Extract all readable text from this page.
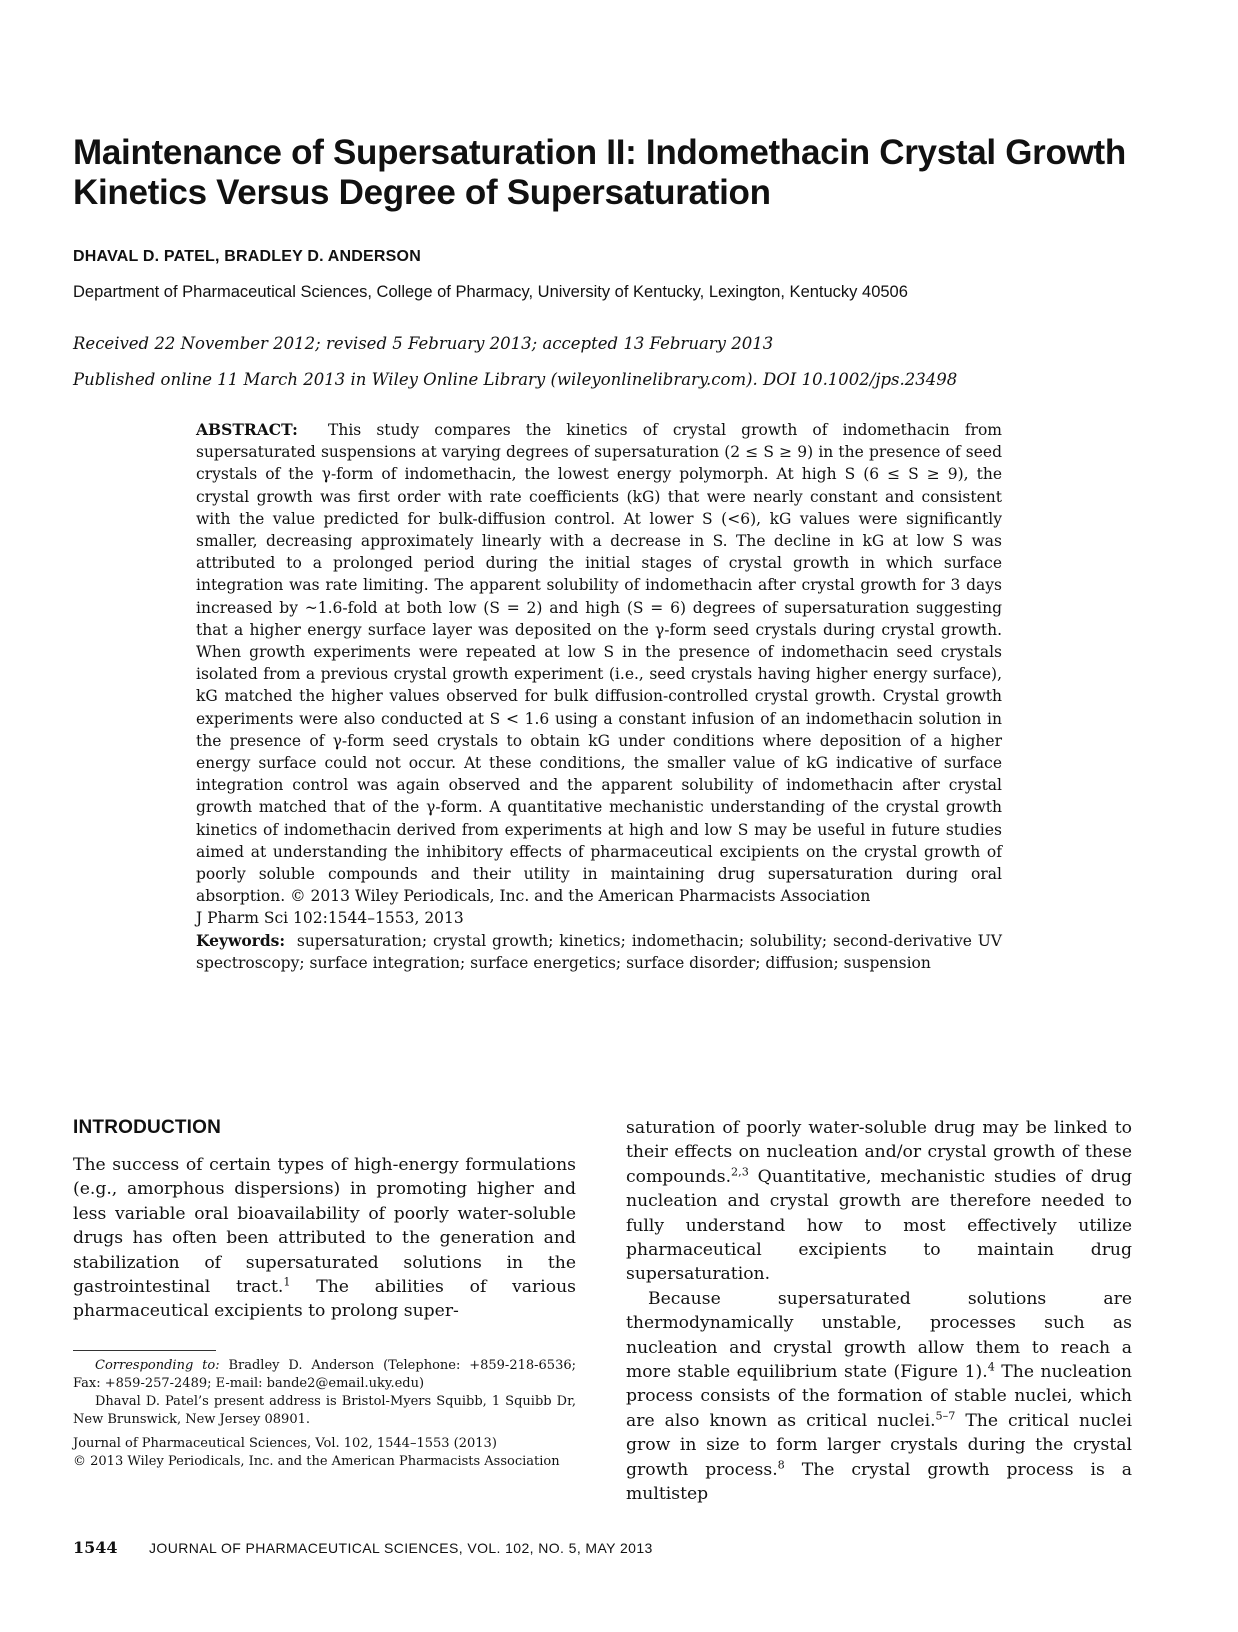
Maintenance of Supersaturation II: Indomethacin Crystal Growth
Kinetics Versus Degree of Supersaturation
DHAVAL D. PATEL, BRADLEY D. ANDERSON
Department of Pharmaceutical Sciences, College of Pharmacy, University of Kentucky, Lexington, Kentucky 40506
Received 22 November 2012; revised 5 February 2013; accepted 13 February 2013
Published online 11 March 2013 in Wiley Online Library (wileyonlinelibrary.com). DOI 10.1002/jps.23498

ABSTRACT: This study compares the kinetics of crystal growth of indomethacin from supersaturated suspensions at varying degrees of supersaturation (2 ≤ S ≥ 9) in the presence of seed crystals of the γ-form of indomethacin, the lowest energy polymorph. At high S (6 ≤ S ≥ 9), the crystal growth was first order with rate coefficients (kG) that were nearly constant and consistent with the value predicted for bulk-diffusion control. At lower S (<6), kG values were significantly smaller, decreasing approximately linearly with a decrease in S. The decline in kG at low S was attributed to a prolonged period during the initial stages of crystal growth in which surface integration was rate limiting. The apparent solubility of indomethacin after crystal growth for 3 days increased by ~1.6-fold at both low (S = 2) and high (S = 6) degrees of supersaturation suggesting that a higher energy surface layer was deposited on the γ-form seed crystals during crystal growth. When growth experiments were repeated at low S in the presence of indomethacin seed crystals isolated from a previous crystal growth experiment (i.e., seed crystals having higher energy surface), kG matched the higher values observed for bulk diffusion-controlled crystal growth. Crystal growth experiments were also conducted at S < 1.6 using a constant infusion of an indomethacin solution in the presence of γ-form seed crystals to obtain kG under conditions where deposition of a higher energy surface could not occur. At these conditions, the smaller value of kG indicative of surface integration control was again observed and the apparent solubility of indomethacin after crystal growth matched that of the γ-form. A quantitative mechanistic understanding of the crystal growth kinetics of indomethacin derived from experiments at high and low S may be useful in future studies aimed at understanding the inhibitory effects of pharmaceutical excipients on the crystal growth of poorly soluble compounds and their utility in maintaining drug supersaturation during oral absorption. © 2013 Wiley Periodicals, Inc. and the American Pharmacists Association

J Pharm Sci 102:1544–1553, 2013

Keywords: supersaturation; crystal growth; kinetics; indomethacin; solubility; second-derivative UV spectroscopy; surface integration; surface energetics; surface disorder; diffusion; suspension

INTRODUCTION

The success of certain types of high-energy formulations (e.g., amorphous dispersions) in promoting higher and less variable oral bioavailability of poorly water-soluble drugs has often been attributed to the generation and stabilization of supersaturated solutions in the gastrointestinal tract.$^1$ The abilities of various pharmaceutical excipients to prolong super-

saturation of poorly water-soluble drug may be linked to their effects on nucleation and/or crystal growth of these compounds.$^{2,3}$ Quantitative, mechanistic studies of drug nucleation and crystal growth are therefore needed to fully understand how to most effectively utilize pharmaceutical excipients to maintain drug supersaturation.

Because supersaturated solutions are thermodynamically unstable, processes such as nucleation and crystal growth allow them to reach a more stable equilibrium state (Figure 1).$^4$ The nucleation process consists of the formation of stable nuclei, which are also known as critical nuclei.$^{5-7}$ The critical nuclei grow in size to form larger crystals during the crystal growth process.$^8$ The crystal growth process is a multistep

Corresponding to: Bradley D. Anderson (Telephone: +859-218-6536; Fax: +859-257-2489; E-mail: bande2@email.uky.edu)

Dhaval D. Patel’s present address is Bristol-Myers Squibb, 1 Squibb Dr, New Brunswick, New Jersey 08901.

Journal of Pharmaceutical Sciences, Vol. 102, 1544–1553 (2013)

© 2013 Wiley Periodicals, Inc. and the American Pharmacists Association

1544 JOURNAL OF PHARMACEUTICAL SCIENCES, VOL. 102, NO. 5, MAY 2013
